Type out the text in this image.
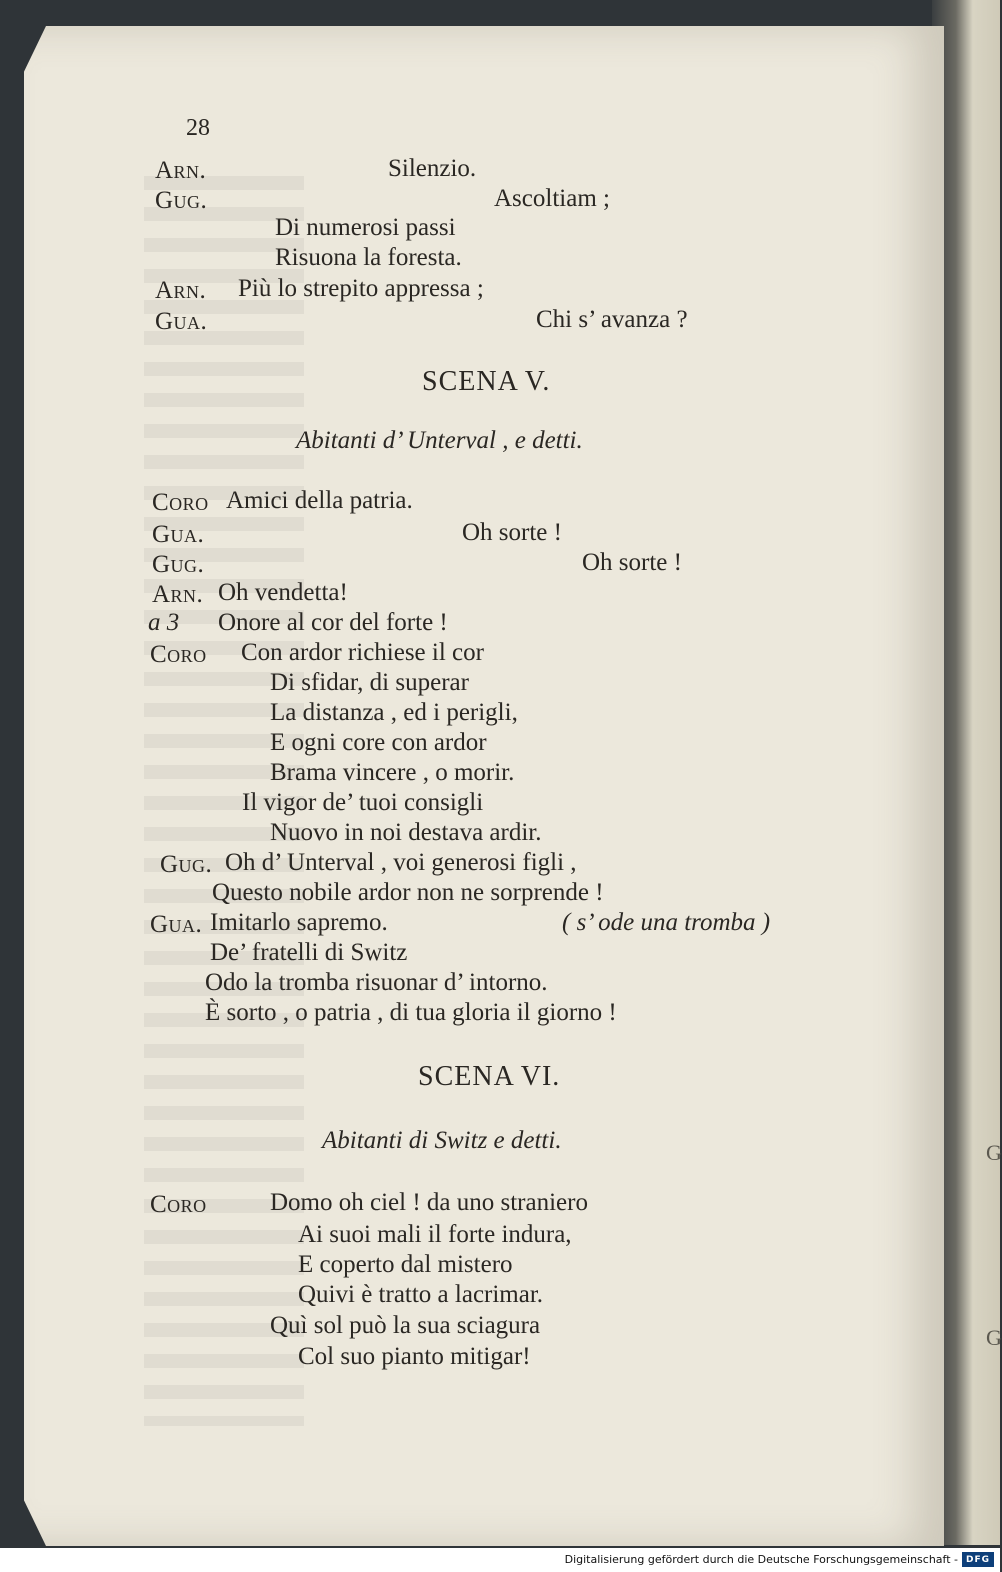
G
G
28
Arn.	Silenzio.
Gug.	Ascoltiam ;
Di numerosi passi
Risuona la foresta.
Arn. Più lo strepito appressa ;
Gua.	Chi s’ avanza ?
SCENA V.
Abitanti d’ Unterval , e detti.
Coro Amici della patria.
Gua.	Oh sorte !
Gug.	Oh sorte !
Arn. Oh vendetta!
a 3 Onore al cor del forte !
Coro Con ardor richiese il cor
Di sfidar, di superar
La distanza , ed i perigli,
E ogni core con ardor
Brama vincere , o morir.
Il vigor de’ tuoi consigli
Nuovo in noi destava ardir.
Gug. Oh d’ Unterval , voi generosi figli ,
Questo nobile ardor non ne sorprende !
Gua. Imitarlo sapremo.	( s’ ode una tromba )
De’ fratelli di Switz
Odo la tromba risuonar d’ intorno.
È sorto , o patria , di tua gloria il giorno !
SCENA VI.
Abitanti di Switz e detti.
Coro	Domo oh ciel ! da uno straniero
Ai suoi mali il forte indura,
E coperto dal mistero
Quivi è tratto a lacrimar.
Quì sol può la sua sciagura
Col suo pianto mitigar!
Digitalisierung gefördert durch die Deutsche Forschungsgemeinschaft - DFG
